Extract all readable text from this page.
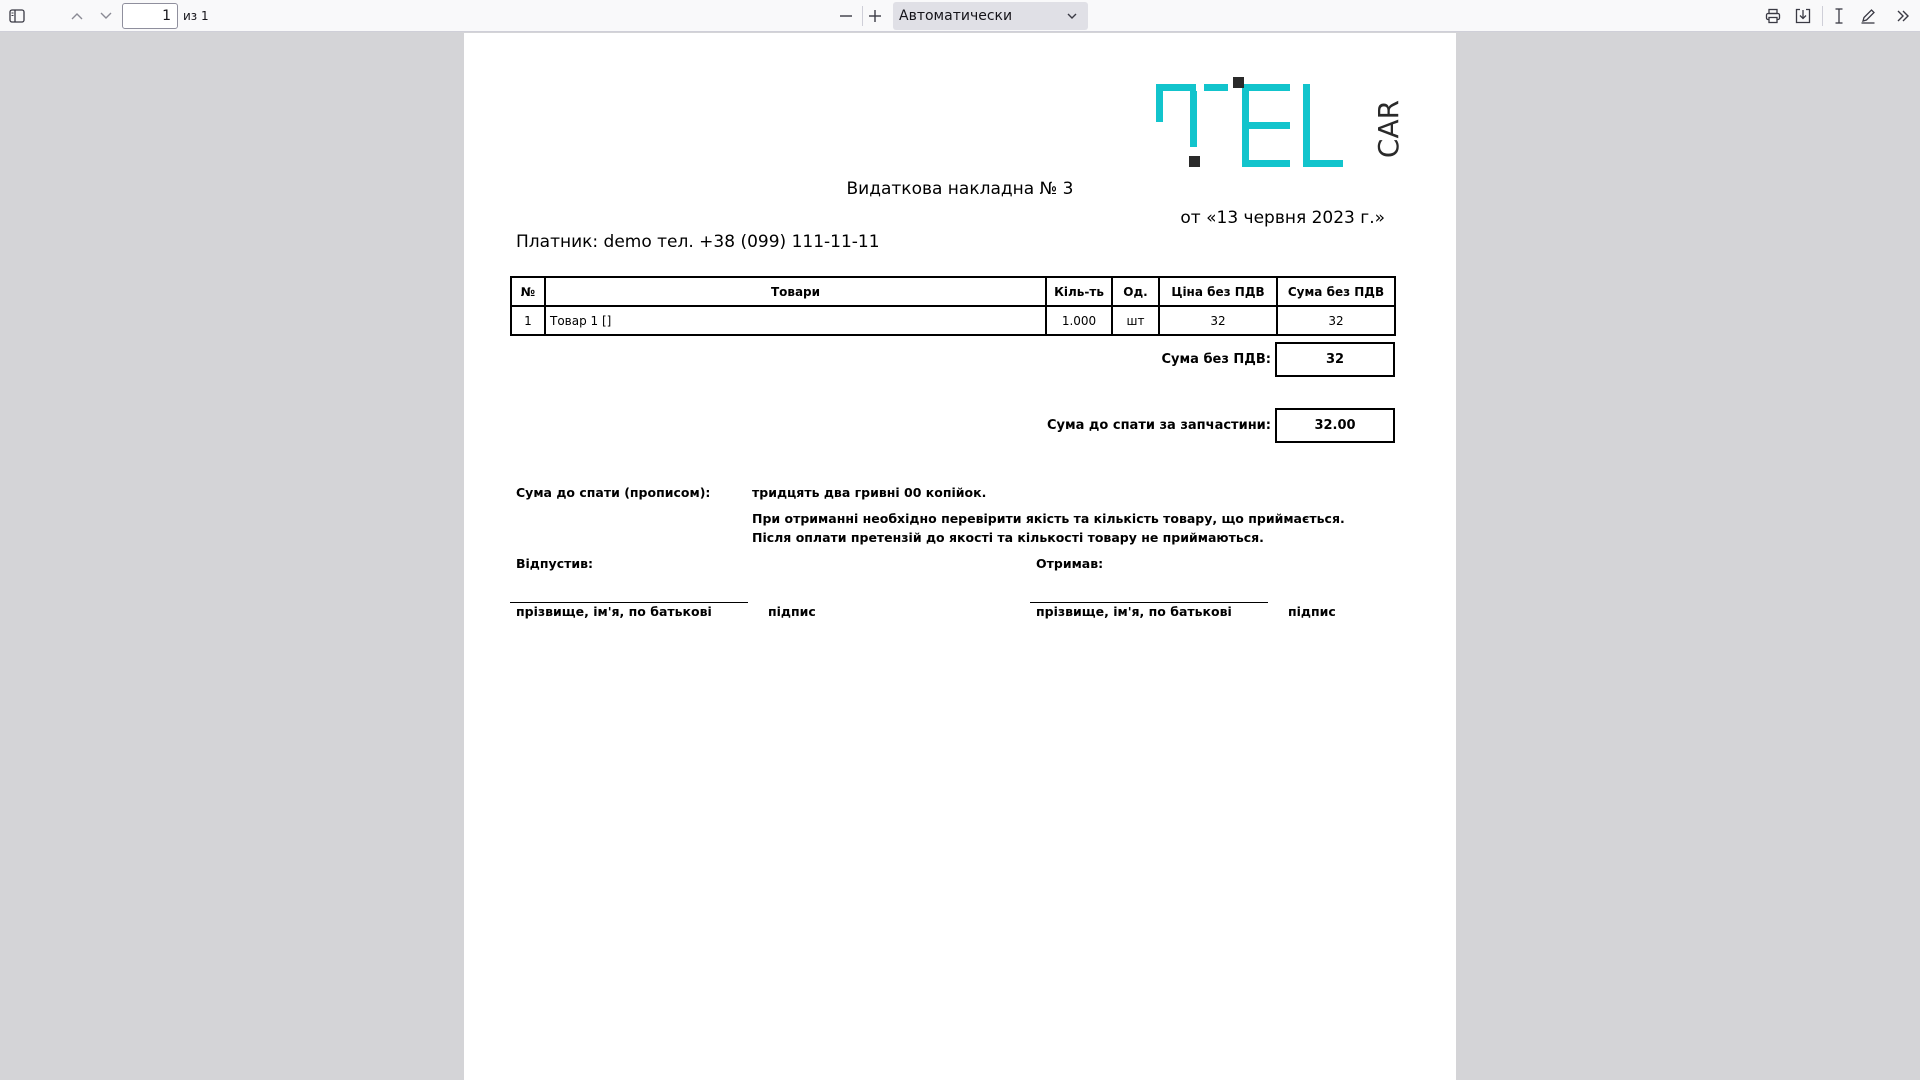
1
из 1	Автоматически
CAR
Видаткова накладна № 3
от «13 червня 2023 г.»
Платник: demo тел. +38 (099) 111-11-11
№	Товари	Кіль-ть	Од.	Ціна без ПДВ	Сума без ПДВ
1	Товар 1 []	1.000	шт	32	32
Сума без ПДВ:	32
Сума до спати за запчастини:	32.00
Сума до спати (прописом):	тридцять два гривні 00 копійок.
При отриманні необхідно перевірити якість та кількість товару, що приймається.
Після оплати претензій до якості та кількості товару не приймаються.
Відпустив:	Отримав:
прізвище, ім'я, по батькові	підпис	прізвище, ім'я, по батькові	підпис
